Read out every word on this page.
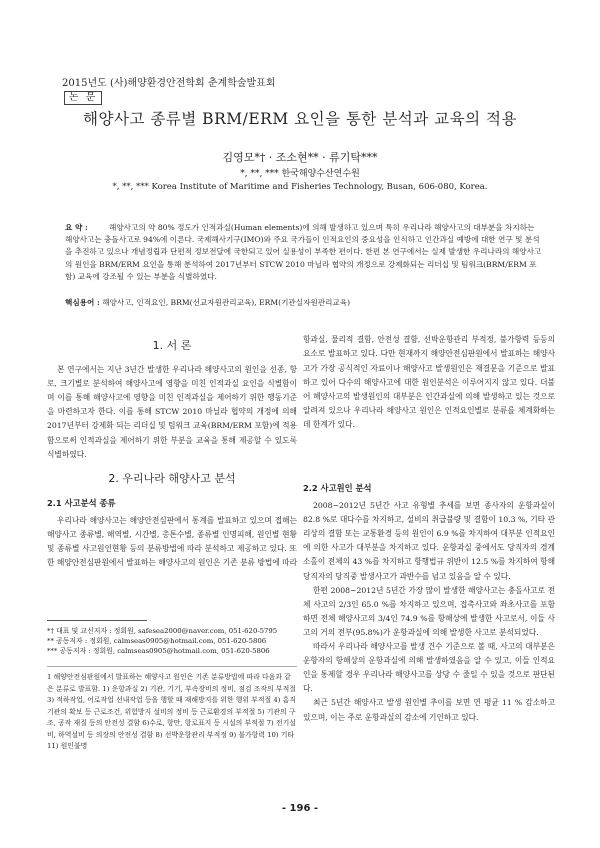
2015년도 (사)해양환경안전학회 춘계학술발표회
논 문
해양사고 종류별 BRM/ERM 요인을 통한 분석과 교육의 적용
김영모*† · 조소현** · 류기탁***
*, **, *** 한국해양수산연수원
*, **, *** Korea Institute of Maritime and Fisheries Technology, Busan, 606-080, Korea.
요 약 :	해양사고의 약 80% 정도가 인적과실(Human elements)에 의해 발생하고 있으며 특히 우리나라 해양사고의 대부분을 차지하는 해양사고는 충돌사고로 94%에 이른다. 국제해사기구(IMO)와 주요 국가들이 인적요인의 중요성을 인식하고 인간과실 예방에 대한 연구 및 분석을 추진하고 있으나 개념정립과 단편적 정보전달에 국한되고 있어 실용성이 부족한 편이다. 한편 본 연구에서는 실제 발생한 우리나라의 해양사고의 원인을 BRM/ERM 요인을 통해 분석하여 2017년부터 STCW 2010 마닐라 협약의 개정으로 강제화되는 리더십 및 팀워크(BRM/ERM 포함) 교육에 강조될 수 있는 부분을 식별하였다.
핵심용어 : 해양사고, 인적요인, BRM(선교자원관리교육), ERM(기관실자원관리교육)
1. 서 론

본 연구에서는 지난 3년간 발생한 우리나라 해양사고의 원인을 선종, 항로, 크기별로 분석하여 해양사고에 영향을 미친 인적과실 요인을 식별함이며 이를 통해 해양사고에 영향을 미친 인적과실을 제어하기 위한 행동기준을 마련하고자 한다. 이를 통해 STCW 2010 마닐라 협약의 개정에 의해 2017년부터 강제화 되는 리더십 및 팀워크 교육(BRM/ERM 포함)에 적용함으로써 인적과실을 제어하기 위한 부분을 교육을 통해 제공할 수 있도록 식별하였다.

2. 우리나라 해양사고 분석
2.1 사고분석 종류

우리나라 해양사고는 해양안전심판에서 통계를 발표하고 있으며 접해는 해양사고 종류별, 해역별, 시간별, 총톤수별, 종류별 인명피해, 원인별 현황 및 종류별 사고원인현황 등의 분류방법에 따라 분석하고 제공하고 있다. 또한 해양안전심판원에서 발표하는 해양사고의 원인은 기존 분류 방법에 따라

*† 대표 및 교신저자 : 정회원, safesea2000@naver.com, 051-620-5795
** 공동저자 : 정회원, calmseas0905@hotmail.com, 051-620-5806
*** 공동저자 : 정회원, calmseas0905@hotmail.com, 051-620-5806
1 해양안전심판원에서 발표하는 해양사고 원인은 기존 분류방법에 따라 다음과 같은 분류로 발표함. 1) 운항과실 2) 기관, 기기, 부속장비의 정비, 점검 조작의 부적절 3) 적하작업, 어로작업 선내작업 등을 행할 때 재해방지를 위한 행위 부적절 4) 흠직기관의 확보 등 근로조건, 위험방지 설비의 정비 등 근로환경의 부적절 5) 기관의 구조, 공작 재질 등의 안전성 결함 6)수로, 항만, 항로표지 등 시설의 부적절 7) 전기설비, 하역설비 등 의장의 안전성 결함 8) 선박운항관리 부적정 9) 불가항력 10) 기타 11) 원인불명

항과실, 물리적 결함, 안전성 결함, 선박운항관리 부적정, 불가항력 등등의 요소로 발표하고 있다. 다만 현재까지 해양안전심판원에서 발표하는 해양사고가 가장 공식적인 자료이나 해양사고 발생원인은 재결문을 기준으로 발표하고 있어 다수의 해양사고에 대한 원인분석은 이루어지지 않고 있다. 더불어 해양사고의 발생원인의 대부분은 인간과실에 의해 발생하고 있는 것으로 알려져 있으나 우리나라 해양사고 원인은 인적요인별로 분류를 체계화하는데 한계가 있다.

2.2 사고원인 분석

2008~2012년 5년간 사고 유형별 추세를 보면 종사자의 운항과실이 82.8 %로 대다수를 차지하고, 설비의 취급불량 및 결함이 10.3 %, 기타 관리상의 결함 또는 교통환경 등의 원인이 6.9 %를 차지하여 대부분 인적요인에 의한 사고가 대부분을 차지하고 있다. 운항과실 중에서도 당직자의 경계소홀이 전체의 43 %를 차지하고 항행법규 위반이 12.5 %를 차지하여 항해당직자의 당직중 발생사고가 과반수를 넘고 있음을 알 수 있다.

한편 2008~2012년 5년간 가장 많이 발생한 해양사고는 충돌사고로 전체 사고의 2/3인 65.0 %를 차지하고 있으며, 접촉사고와 좌초사고를 포함하면 전체 해양사고의 3/4인 74.9 %를 항해상에 발생한 사고로서, 이들 사고의 거의 전부(95.8%)가 운항과실에 의해 발생한 사고로 분석되었다.

따라서 우리나라 해양사고를 발생 건수 기준으로 볼 때, 사고의 대부분은 운항자의 항해상의 운항과실에 의해 발생하였음을 알 수 있고, 이들 인적요인을 통제할 경우 우리나라 해양사고를 상당 수 줄일 수 있을 것으로 판단된다.

최근 5년간 해양사고 발생 원인별 추이를 보면 연 평균 11 % 감소하고 있으며, 이는 주로 운항과실의 감소에 기인하고 있다.

- 196 -
